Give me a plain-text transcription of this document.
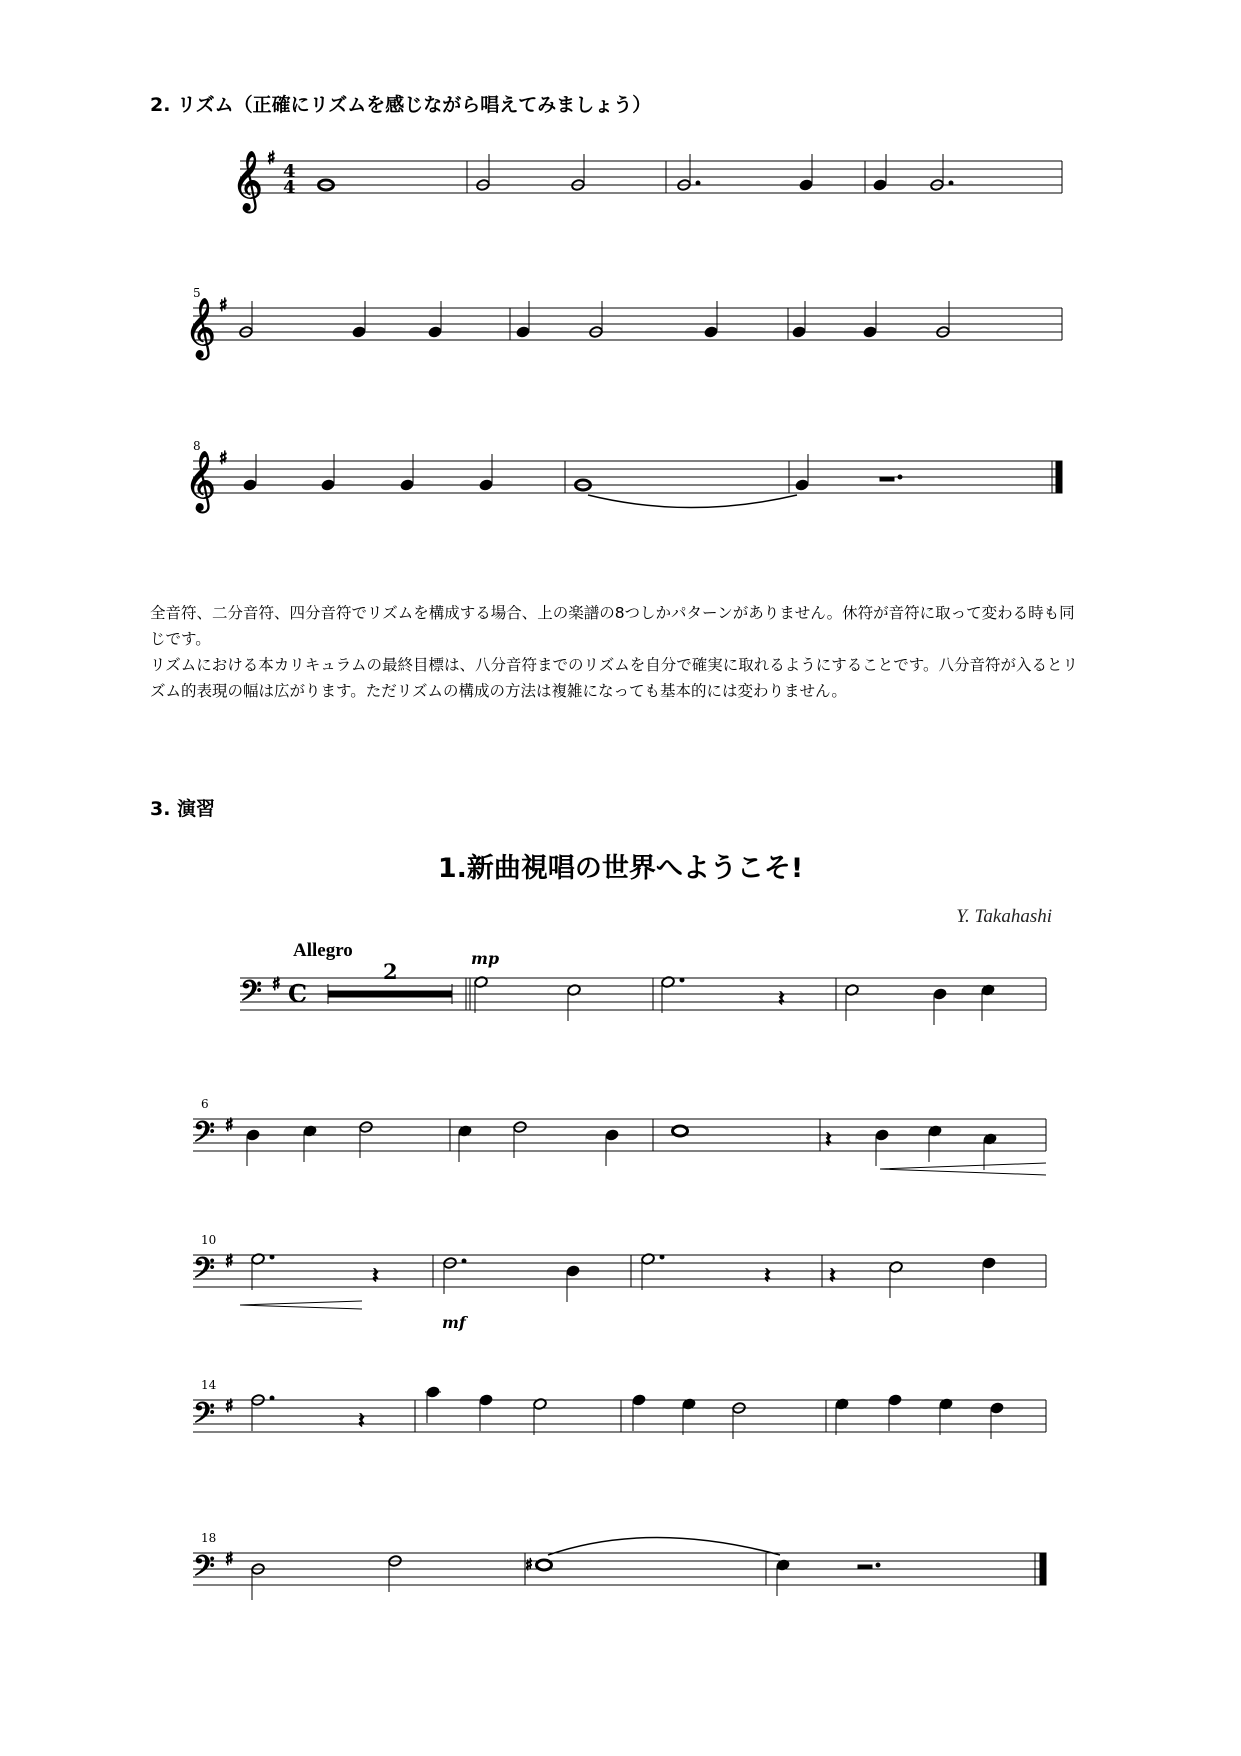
2. リズム（正確にリズムを感じながら唱えてみましょう）
𝄞 ♯
4
4
5
𝄞 ♯
8
𝄞 ♯
𝄢 ♯ C
2
mp
𝄽
6
𝄢 ♯
𝄽
10
𝄢 ♯
𝄽
mf
𝄽	𝄽
14
𝄢 ♯
𝄽
18
𝄢 ♯	♯

全音符、二分音符、四分音符でリズムを構成する場合、上の楽譜の8つしかパターンがありません。休符が音符に取って変わる時も同じです。

リズムにおける本カリキュラムの最終目標は、八分音符までのリズムを自分で確実に取れるようにすることです。八分音符が入るとリズム的表現の幅は広がります。ただリズムの構成の方法は複雑になっても基本的には変わりません。

3. 演習
1.新曲視唱の世界へようこそ!
Y. Takahashi
Allegro
